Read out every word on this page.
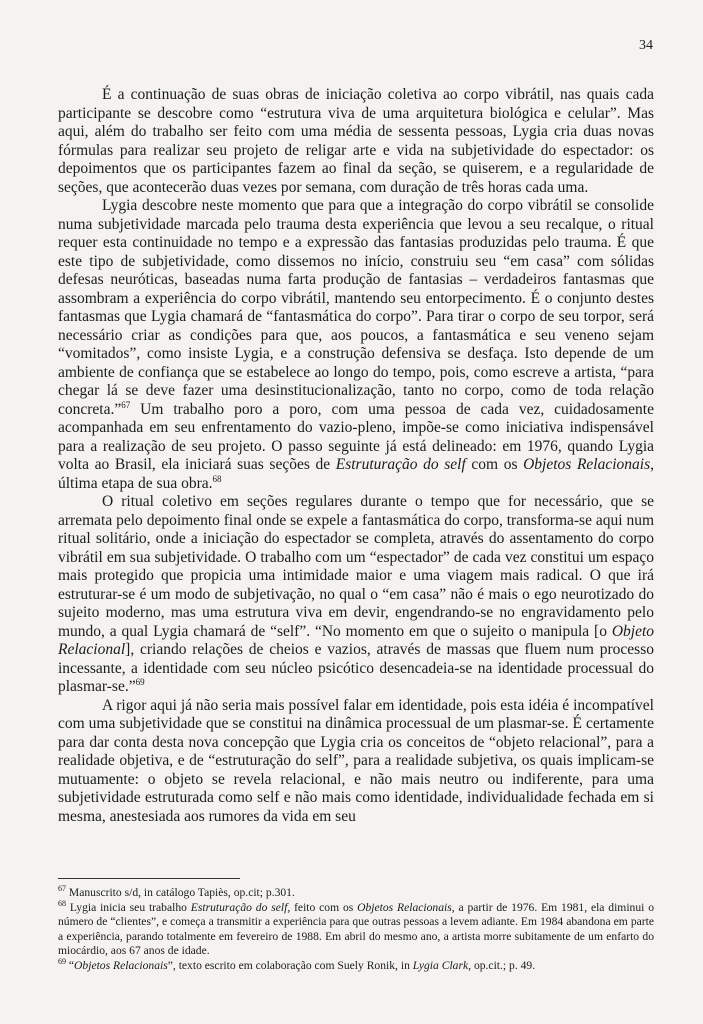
34

É a continuação de suas obras de iniciação coletiva ao corpo vibrátil, nas quais cada participante se descobre como “estrutura viva de uma arquitetura biológica e celular”. Mas aqui, além do trabalho ser feito com uma média de sessenta pessoas, Lygia cria duas novas fórmulas para realizar seu projeto de religar arte e vida na subjetividade do espectador: os depoimentos que os participantes fazem ao final da seção, se quiserem, e a regularidade de seções, que acontecerão duas vezes por semana, com duração de três horas cada uma.

Lygia descobre neste momento que para que a integração do corpo vibrátil se consolide numa subjetividade marcada pelo trauma desta experiência que levou a seu recalque, o ritual requer esta continuidade no tempo e a expressão das fantasias produzidas pelo trauma. É que este tipo de subjetividade, como dissemos no início, construiu seu “em casa” com sólidas defesas neuróticas, baseadas numa farta produção de fantasias – verdadeiros fantasmas que assombram a experiência do corpo vibrátil, mantendo seu entorpecimento. É o conjunto destes fantasmas que Lygia chamará de “fantasmática do corpo”. Para tirar o corpo de seu torpor, será necessário criar as condições para que, aos poucos, a fantasmática e seu veneno sejam “vomitados”, como insiste Lygia, e a construção defensiva se desfaça. Isto depende de um ambiente de confiança que se estabelece ao longo do tempo, pois, como escreve a artista, “para chegar lá se deve fazer uma desinstitucionalização, tanto no corpo, como de toda relação concreta.”$^{67}$ Um trabalho poro a poro, com uma pessoa de cada vez, cuidadosamente acompanhada em seu enfrentamento do vazio-pleno, impõe-se como iniciativa indispensável para a realização de seu projeto. O passo seguinte já está delineado: em 1976, quando Lygia volta ao Brasil, ela iniciará suas seções de Estruturação do self com os Objetos Relacionais, última etapa de sua obra.$^{68}$

O ritual coletivo em seções regulares durante o tempo que for necessário, que se arremata pelo depoimento final onde se expele a fantasmática do corpo, transforma-se aqui num ritual solitário, onde a iniciação do espectador se completa, através do assentamento do corpo vibrátil em sua subjetividade. O trabalho com um “espectador” de cada vez constitui um espaço mais protegido que propicia uma intimidade maior e uma viagem mais radical. O que irá estruturar-se é um modo de subjetivação, no qual o “em casa” não é mais o ego neurotizado do sujeito moderno, mas uma estrutura viva em devir, engendrando-se no engravidamento pelo mundo, a qual Lygia chamará de “self”. “No momento em que o sujeito o manipula [o Objeto Relacional], criando relações de cheios e vazios, através de massas que fluem num processo incessante, a identidade com seu núcleo psicótico desencadeia-se na identidade processual do plasmar-se.”$^{69}$

A rigor aqui já não seria mais possível falar em identidade, pois esta idéia é incompatível com uma subjetividade que se constitui na dinâmica processual de um plasmar-se. É certamente para dar conta desta nova concepção que Lygia cria os conceitos de “objeto relacional”, para a realidade objetiva, e de “estruturação do self”, para a realidade subjetiva, os quais implicam-se mutuamente: o objeto se revela relacional, e não mais neutro ou indiferente, para uma subjetividade estruturada como self e não mais como identidade, individualidade fechada em si mesma, anestesiada aos rumores da vida em seu

$^{67}$ Manuscrito s/d, in catálogo Tapiès, op.cit; p.301.

$^{68}$ Lygia inicia seu trabalho Estruturação do self, feito com os Objetos Relacionais, a partir de 1976. Em 1981, ela diminui o número de “clientes”, e começa a transmitir a experiência para que outras pessoas a levem adiante. Em 1984 abandona em parte a experiência, parando totalmente em fevereiro de 1988. Em abril do mesmo ano, a artista morre subitamente de um enfarto do miocárdio, aos 67 anos de idade.

$^{69}$ “Objetos Relacionais”, texto escrito em colaboração com Suely Ronik, in Lygia Clark, op.cit.; p. 49.
